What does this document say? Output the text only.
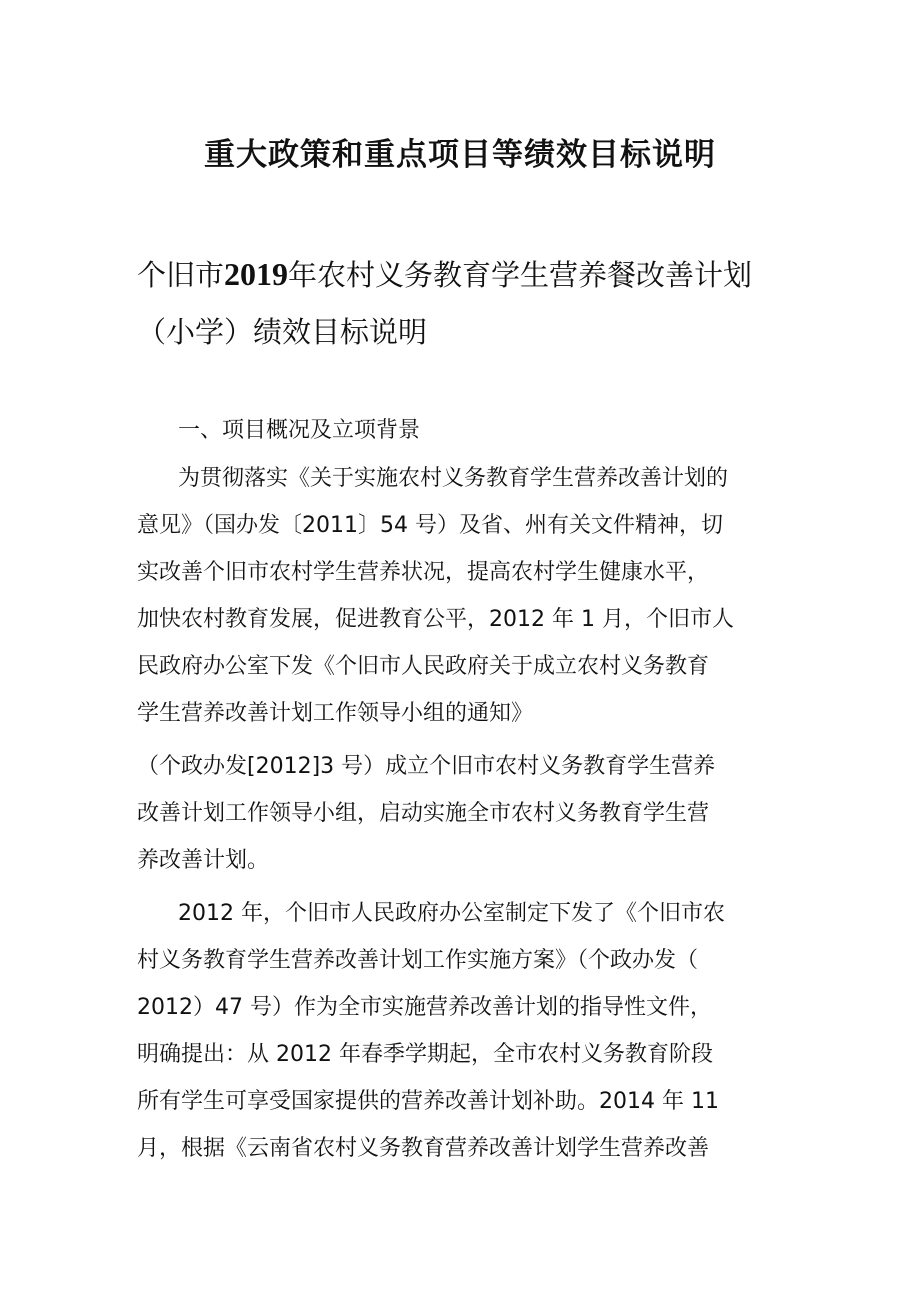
重大政策和重点项目等绩效目标说明
个旧市2019年农村义务教育学生营养餐改善计划
（小学）绩效目标说明
一、项目概况及立项背景
为贯彻落实《关于实施农村义务教育学生营养改善计划的
意见》（国办发〔2011〕54 号）及省、州有关文件精神，切
实改善个旧市农村学生营养状况，提高农村学生健康水平，
加快农村教育发展，促进教育公平，2012 年 1 月，个旧市人
民政府办公室下发《个旧市人民政府关于成立农村义务教育
学生营养改善计划工作领导小组的通知》
（个政办发[2012]3 号）成立个旧市农村义务教育学生营养
改善计划工作领导小组，启动实施全市农村义务教育学生营
养改善计划。
2012 年，个旧市人民政府办公室制定下发了《个旧市农
村义务教育学生营养改善计划工作实施方案》（个政办发（
2012）47 号）作为全市实施营养改善计划的指导性文件，
明确提出：从 2012 年春季学期起，全市农村义务教育阶段
所有学生可享受国家提供的营养改善计划补助。2014 年 11
月，根据《云南省农村义务教育营养改善计划学生营养改善
